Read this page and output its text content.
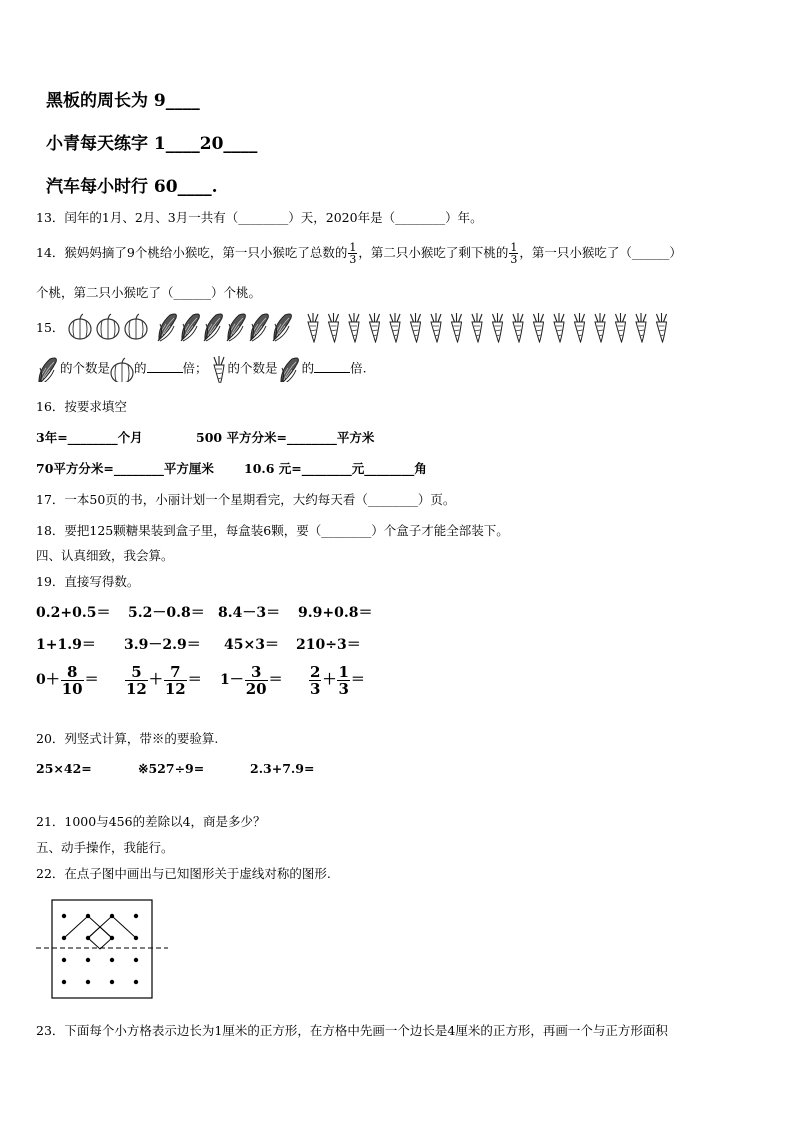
黑板的周长为 9____
小青每天练字 1____20____
汽车每小时行 60____.
13．闰年的1月、2月、3月一共有（________）天，2020年是（________）年。
14．猴妈妈摘了9个桃给小猴吃，第一只小猴吃了总数的 $\frac{1}{3}$ ，第二只小猴吃了剩下桃的 $\frac{1}{3}$ ，第一只小猴吃了（______）
个桃，第二只小猴吃了（______）个桃。
15．
的个数是 的	倍； 的个数是 的	倍.
16．按要求填空
3年=________个月	500 平方分米=________平方米
70平方分米=________平方厘米 10.6 元=________元________角
17．一本50页的书，小丽计划一个星期看完，大约每天看（________）页。
18．要把125颗糖果装到盒子里，每盒装6颗，要（________）个盒子才能全部装下。
四、认真细致，我会算。
19．直接写得数。
0.2+0.5＝ 5.2－0.8＝ 8.4－3＝ 9.9+0.8＝
1+1.9＝ 3.9－2.9＝ 45×3＝ 210÷3＝
$0+ \frac{8}{10} = \frac{5}{12} + \frac{7}{12} = 1- \frac{3}{20} = \frac{2}{3} + \frac{1}{3}$ ＝
20．列竖式计算，带※的要验算.
25×42=	※527÷9=	2.3+7.9=
21．1000与456的差除以4，商是多少？
五、动手操作，我能行。
22．在点子图中画出与已知图形关于虚线对称的图形.
23．下面每个小方格表示边长为1厘米的正方形，在方格中先画一个边长是4厘米的正方形，再画一个与正方形面积
